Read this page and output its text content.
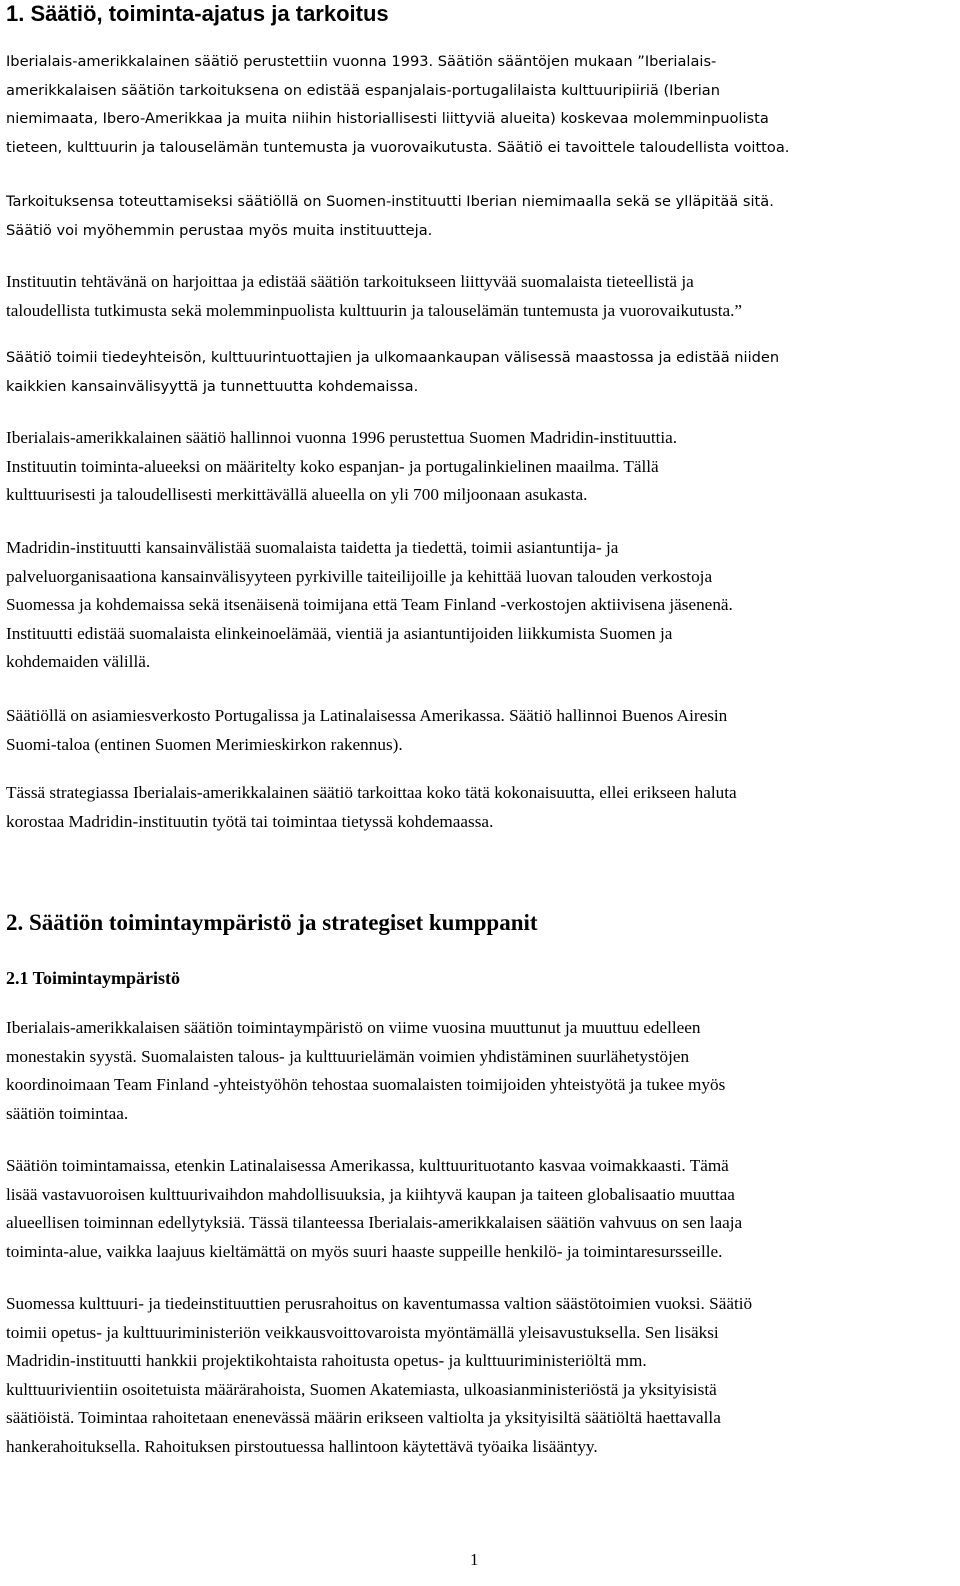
1. Säätiö, toiminta-ajatus ja tarkoitus

Iberialais-amerikkalainen säätiö perustettiin vuonna 1993. Säätiön sääntöjen mukaan ”Iberialais-
amerikkalaisen säätiön tarkoituksena on edistää espanjalais-portugalilaista kulttuuripiiriä (Iberian
niemimaata, Ibero-Amerikkaa ja muita niihin historiallisesti liittyviä alueita) koskevaa molemminpuolista
tieteen, kulttuurin ja talouselämän tuntemusta ja vuorovaikutusta. Säätiö ei tavoittele taloudellista voittoa.

Tarkoituksensa toteuttamiseksi säätiöllä on Suomen-instituutti Iberian niemimaalla sekä se ylläpitää sitä.
Säätiö voi myöhemmin perustaa myös muita instituutteja.

Instituutin tehtävänä on harjoittaa ja edistää säätiön tarkoitukseen liittyvää suomalaista tieteellistä ja
taloudellista tutkimusta sekä molemminpuolista kulttuurin ja talouselämän tuntemusta ja vuorovaikutusta.”

Säätiö toimii tiedeyhteisön, kulttuurintuottajien ja ulkomaankaupan välisessä maastossa ja edistää niiden
kaikkien kansainvälisyyttä ja tunnettuutta kohdemaissa.

Iberialais-amerikkalainen säätiö hallinnoi vuonna 1996 perustettua Suomen Madridin-instituuttia.
Instituutin toiminta-alueeksi on määritelty koko espanjan- ja portugalinkielinen maailma. Tällä
kulttuurisesti ja taloudellisesti merkittävällä alueella on yli 700 miljoonaan asukasta.

Madridin-instituutti kansainvälistää suomalaista taidetta ja tiedettä, toimii asiantuntija- ja
palveluorganisaationa kansainvälisyyteen pyrkiville taiteilijoille ja kehittää luovan talouden verkostoja
Suomessa ja kohdemaissa sekä itsenäisenä toimijana että Team Finland -verkostojen aktiivisena jäsenenä.
Instituutti edistää suomalaista elinkeinoelämää, vientiä ja asiantuntijoiden liikkumista Suomen ja
kohdemaiden välillä.

Säätiöllä on asiamiesverkosto Portugalissa ja Latinalaisessa Amerikassa. Säätiö hallinnoi Buenos Airesin
Suomi-taloa (entinen Suomen Merimieskirkon rakennus).

Tässä strategiassa Iberialais-amerikkalainen säätiö tarkoittaa koko tätä kokonaisuutta, ellei erikseen haluta
korostaa Madridin-instituutin työtä tai toimintaa tietyssä kohdemaassa.

2. Säätiön toimintaympäristö ja strategiset kumppanit
2.1 Toimintaympäristö

Iberialais-amerikkalaisen säätiön toimintaympäristö on viime vuosina muuttunut ja muuttuu edelleen
monestakin syystä. Suomalaisten talous- ja kulttuurielämän voimien yhdistäminen suurlähetystöjen
koordinoimaan Team Finland -yhteistyöhön tehostaa suomalaisten toimijoiden yhteistyötä ja tukee myös
säätiön toimintaa.

Säätiön toimintamaissa, etenkin Latinalaisessa Amerikassa, kulttuurituotanto kasvaa voimakkaasti. Tämä
lisää vastavuoroisen kulttuurivaihdon mahdollisuuksia, ja kiihtyvä kaupan ja taiteen globalisaatio muuttaa
alueellisen toiminnan edellytyksiä. Tässä tilanteessa Iberialais-amerikkalaisen säätiön vahvuus on sen laaja
toiminta-alue, vaikka laajuus kieltämättä on myös suuri haaste suppeille henkilö- ja toimintaresursseille.

Suomessa kulttuuri- ja tiedeinstituuttien perusrahoitus on kaventumassa valtion säästötoimien vuoksi. Säätiö
toimii opetus- ja kulttuuriministeriön veikkausvoittovaroista myöntämällä yleisavustuksella. Sen lisäksi
Madridin-instituutti hankkii projektikohtaista rahoitusta opetus- ja kulttuuriministeriöltä mm.
kulttuurivientiin osoitetuista määrärahoista, Suomen Akatemiasta, ulkoasianministeriöstä ja yksityisistä
säätiöistä. Toimintaa rahoitetaan enenevässä määrin erikseen valtiolta ja yksityisiltä säätiöltä haettavalla
hankerahoituksella. Rahoituksen pirstoutuessa hallintoon käytettävä työaika lisääntyy.

1
